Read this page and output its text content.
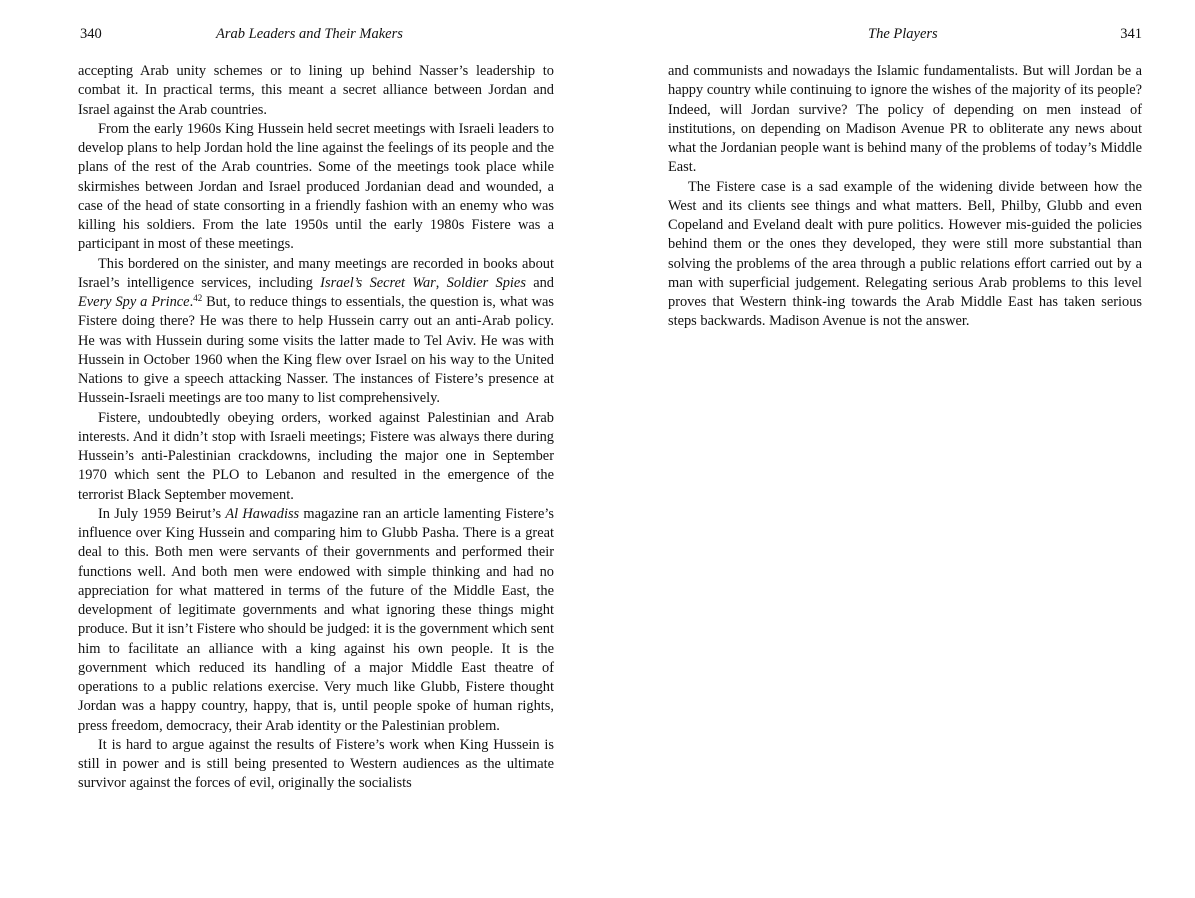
340	Arab Leaders and Their Makers

accepting Arab unity schemes or to lining up behind Nasser’s leadership to combat it. In practical terms, this meant a secret alliance between Jordan and Israel against the Arab countries.

From the early 1960s King Hussein held secret meetings with Israeli leaders to develop plans to help Jordan hold the line against the feelings of its people and the plans of the rest of the Arab countries. Some of the meetings took place while skirmishes between Jordan and Israel produced Jordanian dead and wounded, a case of the head of state consorting in a friendly fashion with an enemy who was killing his soldiers. From the late 1950s until the early 1980s Fistere was a participant in most of these meetings.

This bordered on the sinister, and many meetings are recorded in books about Israel’s intelligence services, including Israel’s Secret War, Soldier Spies and Every Spy a Prince.$^{42}$ But, to reduce things to essentials, the question is, what was Fistere doing there? He was there to help Hussein carry out an anti-Arab policy. He was with Hussein during some visits the latter made to Tel Aviv. He was with Hussein in October 1960 when the King flew over Israel on his way to the United Nations to give a speech attacking Nasser. The instances of Fistere’s presence at Hussein-Israeli meetings are too many to list comprehensively.

Fistere, undoubtedly obeying orders, worked against Palestinian and Arab interests. And it didn’t stop with Israeli meetings; Fistere was always there during Hussein’s anti-Palestinian crackdowns, including the major one in September 1970 which sent the PLO to Lebanon and resulted in the emergence of the terrorist Black September movement.

In July 1959 Beirut’s Al Hawadiss magazine ran an article lamenting Fistere’s influence over King Hussein and comparing him to Glubb Pasha. There is a great deal to this. Both men were servants of their governments and performed their functions well. And both men were endowed with simple thinking and had no appreciation for what mattered in terms of the future of the Middle East, the development of legitimate governments and what ignoring these things might produce. But it isn’t Fistere who should be judged: it is the government which sent him to facilitate an alliance with a king against his own people. It is the government which reduced its handling of a major Middle East theatre of operations to a public relations exercise. Very much like Glubb, Fistere thought Jordan was a happy country, happy, that is, until people spoke of human rights, press freedom, democracy, their Arab identity or the Palestinian problem.

It is hard to argue against the results of Fistere’s work when King Hussein is still in power and is still being presented to Western audiences as the ultimate survivor against the forces of evil, originally the socialists

The Players	341

and communists and nowadays the Islamic fundamentalists. But will Jordan be a happy country while continuing to ignore the wishes of the majority of its people? Indeed, will Jordan survive? The policy of depending on men instead of institutions, on depending on Madison Avenue PR to obliterate any news about what the Jordanian people want is behind many of the problems of today’s Middle East.

The Fistere case is a sad example of the widening divide between how the West and its clients see things and what matters. Bell, Philby, Glubb and even Copeland and Eveland dealt with pure politics. However mis-guided the policies behind them or the ones they developed, they were still more substantial than solving the problems of the area through a public relations effort carried out by a man with superficial judgement. Relegating serious Arab problems to this level proves that Western think-ing towards the Arab Middle East has taken serious steps backwards. Madison Avenue is not the answer.
